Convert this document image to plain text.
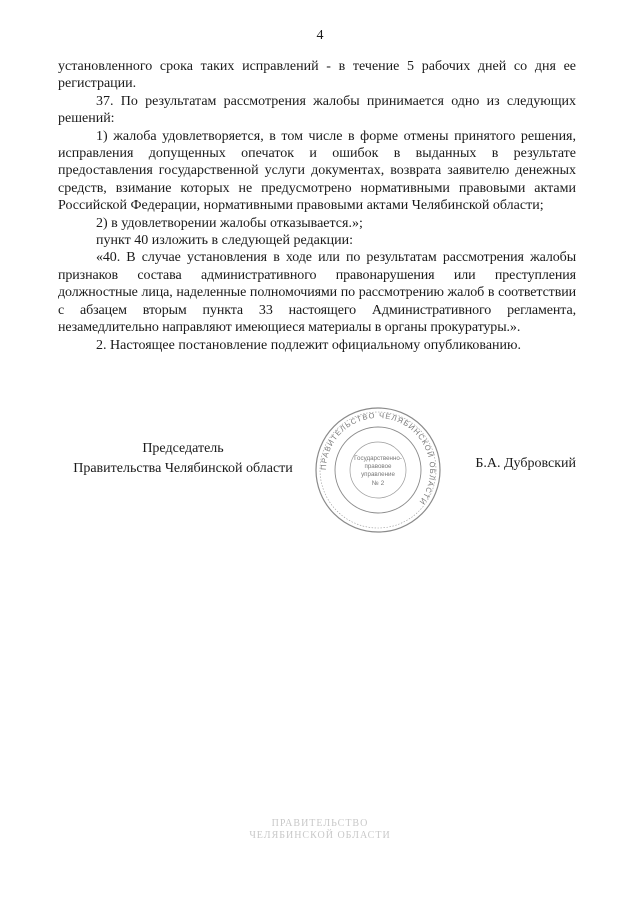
4

установленного срока таких исправлений - в течение 5 рабочих дней со дня ее регистрации.

37. По результатам рассмотрения жалобы принимается одно из следующих решений:

1) жалоба удовлетворяется, в том числе в форме отмены принятого решения, исправления допущенных опечаток и ошибок в выданных в результате предоставления государственной услуги документах, возврата заявителю денежных средств, взимание которых не предусмотрено нормативными правовыми актами Российской Федерации, нормативными правовыми актами Челябинской области;

2) в удовлетворении жалобы отказывается.»;

пункт 40 изложить в следующей редакции:

«40. В случае установления в ходе или по результатам рассмотрения жалобы признаков состава административного правонарушения или преступления должностные лица, наделенные полномочиями по рассмотрению жалоб в соответствии с абзацем вторым пункта 33 настоящего Административного регламента, незамедлительно направляют имеющиеся материалы в органы прокуратуры.».

2. Настоящее постановление подлежит официальному опубликованию.

Председатель
Правительства Челябинской области	ПРАВИТЕЛЬСТВО ЧЕЛЯБИНСКОЙ ОБЛАСТИ
Государственно-
правовое
управление
№ 2
Б.А. Дубровский
ПРАВИТЕЛЬСТВО
ЧЕЛЯБИНСКОЙ ОБЛАСТИ
